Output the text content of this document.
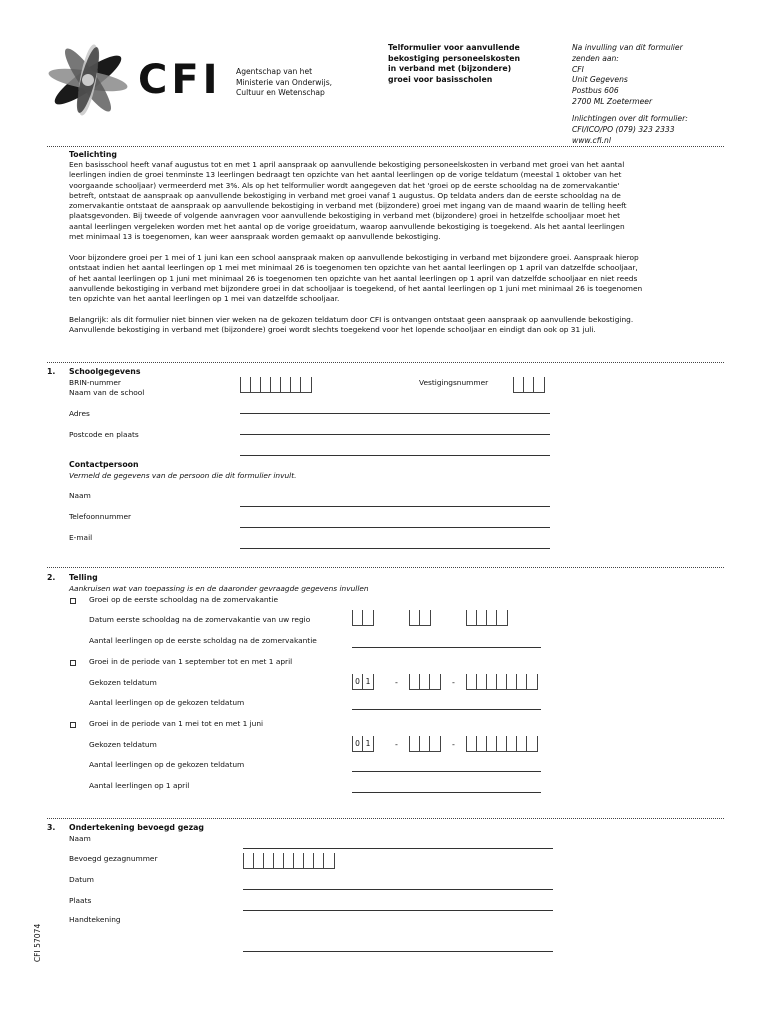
CFI Agentschap van het
Ministerie van Onderwijs,
Cultuur en Wetenschap
Telformulier voor aanvullende
bekostiging personeelskosten
in verband met (bijzondere)
groei voor basisscholen
Na invulling van dit formulier
zenden aan:
CFI
Unit Gegevens
Postbus 606
2700 ML Zoetermeer
Inlichtingen over dit formulier:
CFI/ICO/PO (079) 323 2333
www.cfi.nl
Toelichting
Een basisschool heeft vanaf augustus tot en met 1 april aanspraak op aanvullende bekostiging personeelskosten in verband met groei van het aantal
leerlingen indien de groei tenminste 13 leerlingen bedraagt ten opzichte van het aantal leerlingen op de vorige teldatum (meestal 1 oktober van het
voorgaande schooljaar) vermeerderd met 3%. Als op het telformulier wordt aangegeven dat het 'groei op de eerste schooldag na de zomervakantie'
betreft, ontstaat de aanspraak op aanvullende bekostiging in verband met groei vanaf 1 augustus. Op teldata anders dan de eerste schooldag na de
zomervakantie ontstaat de aanspraak op aanvullende bekostiging in verband met (bijzondere) groei met ingang van de maand waarin de telling heeft
plaatsgevonden. Bij tweede of volgende aanvragen voor aanvullende bekostiging in verband met (bijzondere) groei in hetzelfde schooljaar moet het
aantal leerlingen vergeleken worden met het aantal op de vorige groeidatum, waarop aanvullende bekostiging is toegekend. Als het aantal leerlingen
met minimaal 13 is toegenomen, kan weer aanspraak worden gemaakt op aanvullende bekostiging.
Voor bijzondere groei per 1 mei of 1 juni kan een school aanspraak maken op aanvullende bekostiging in verband met bijzondere groei. Aanspraak hierop
ontstaat indien het aantal leerlingen op 1 mei met minimaal 26 is toegenomen ten opzichte van het aantal leerlingen op 1 april van datzelfde schooljaar,
of het aantal leerlingen op 1 juni met minimaal 26 is toegenomen ten opzichte van het aantal leerlingen op 1 april van datzelfde schooljaar en niet reeds
aanvullende bekostiging in verband met bijzondere groei in dat schooljaar is toegekend, of het aantal leerlingen op 1 juni met minimaal 26 is toegenomen
ten opzichte van het aantal leerlingen op 1 mei van datzelfde schooljaar.
Belangrijk: als dit formulier niet binnen vier weken na de gekozen teldatum door CFI is ontvangen ontstaat geen aanspraak op aanvullende bekostiging.
Aanvullende bekostiging in verband met (bijzondere) groei wordt slechts toegekend voor het lopende schooljaar en eindigt dan ook op 31 juli.
1. Schoolgegevens
BRIN-nummer
Naam van de school
Vestigingsnummer
Adres
Postcode en plaats
Contactpersoon
Vermeld de gegevens van de persoon die dit formulier invult.
Naam
Telefoonnummer
E-mail
2. Telling
Aankruisen wat van toepassing is en de daaronder gevraagde gegevens invullen
Groei op de eerste schooldag na de zomervakantie
Datum eerste schooldag na de zomervakantie van uw regio
Aantal leerlingen op de eerste scholdag na de zomervakantie
Groei in de periode van 1 september tot en met 1 april
Gekozen teldatum	0 1	-	-
Aantal leerlingen op de gekozen teldatum
Groei in de periode van 1 mei tot en met 1 juni
Gekozen teldatum	0 1	-	-
Aantal leerlingen op de gekozen teldatum
Aantal leerlingen op 1 april
3. Ondertekening bevoegd gezag
Naam
Bevoegd gezagnummer
Datum
Plaats
Handtekening
CFI 57074
